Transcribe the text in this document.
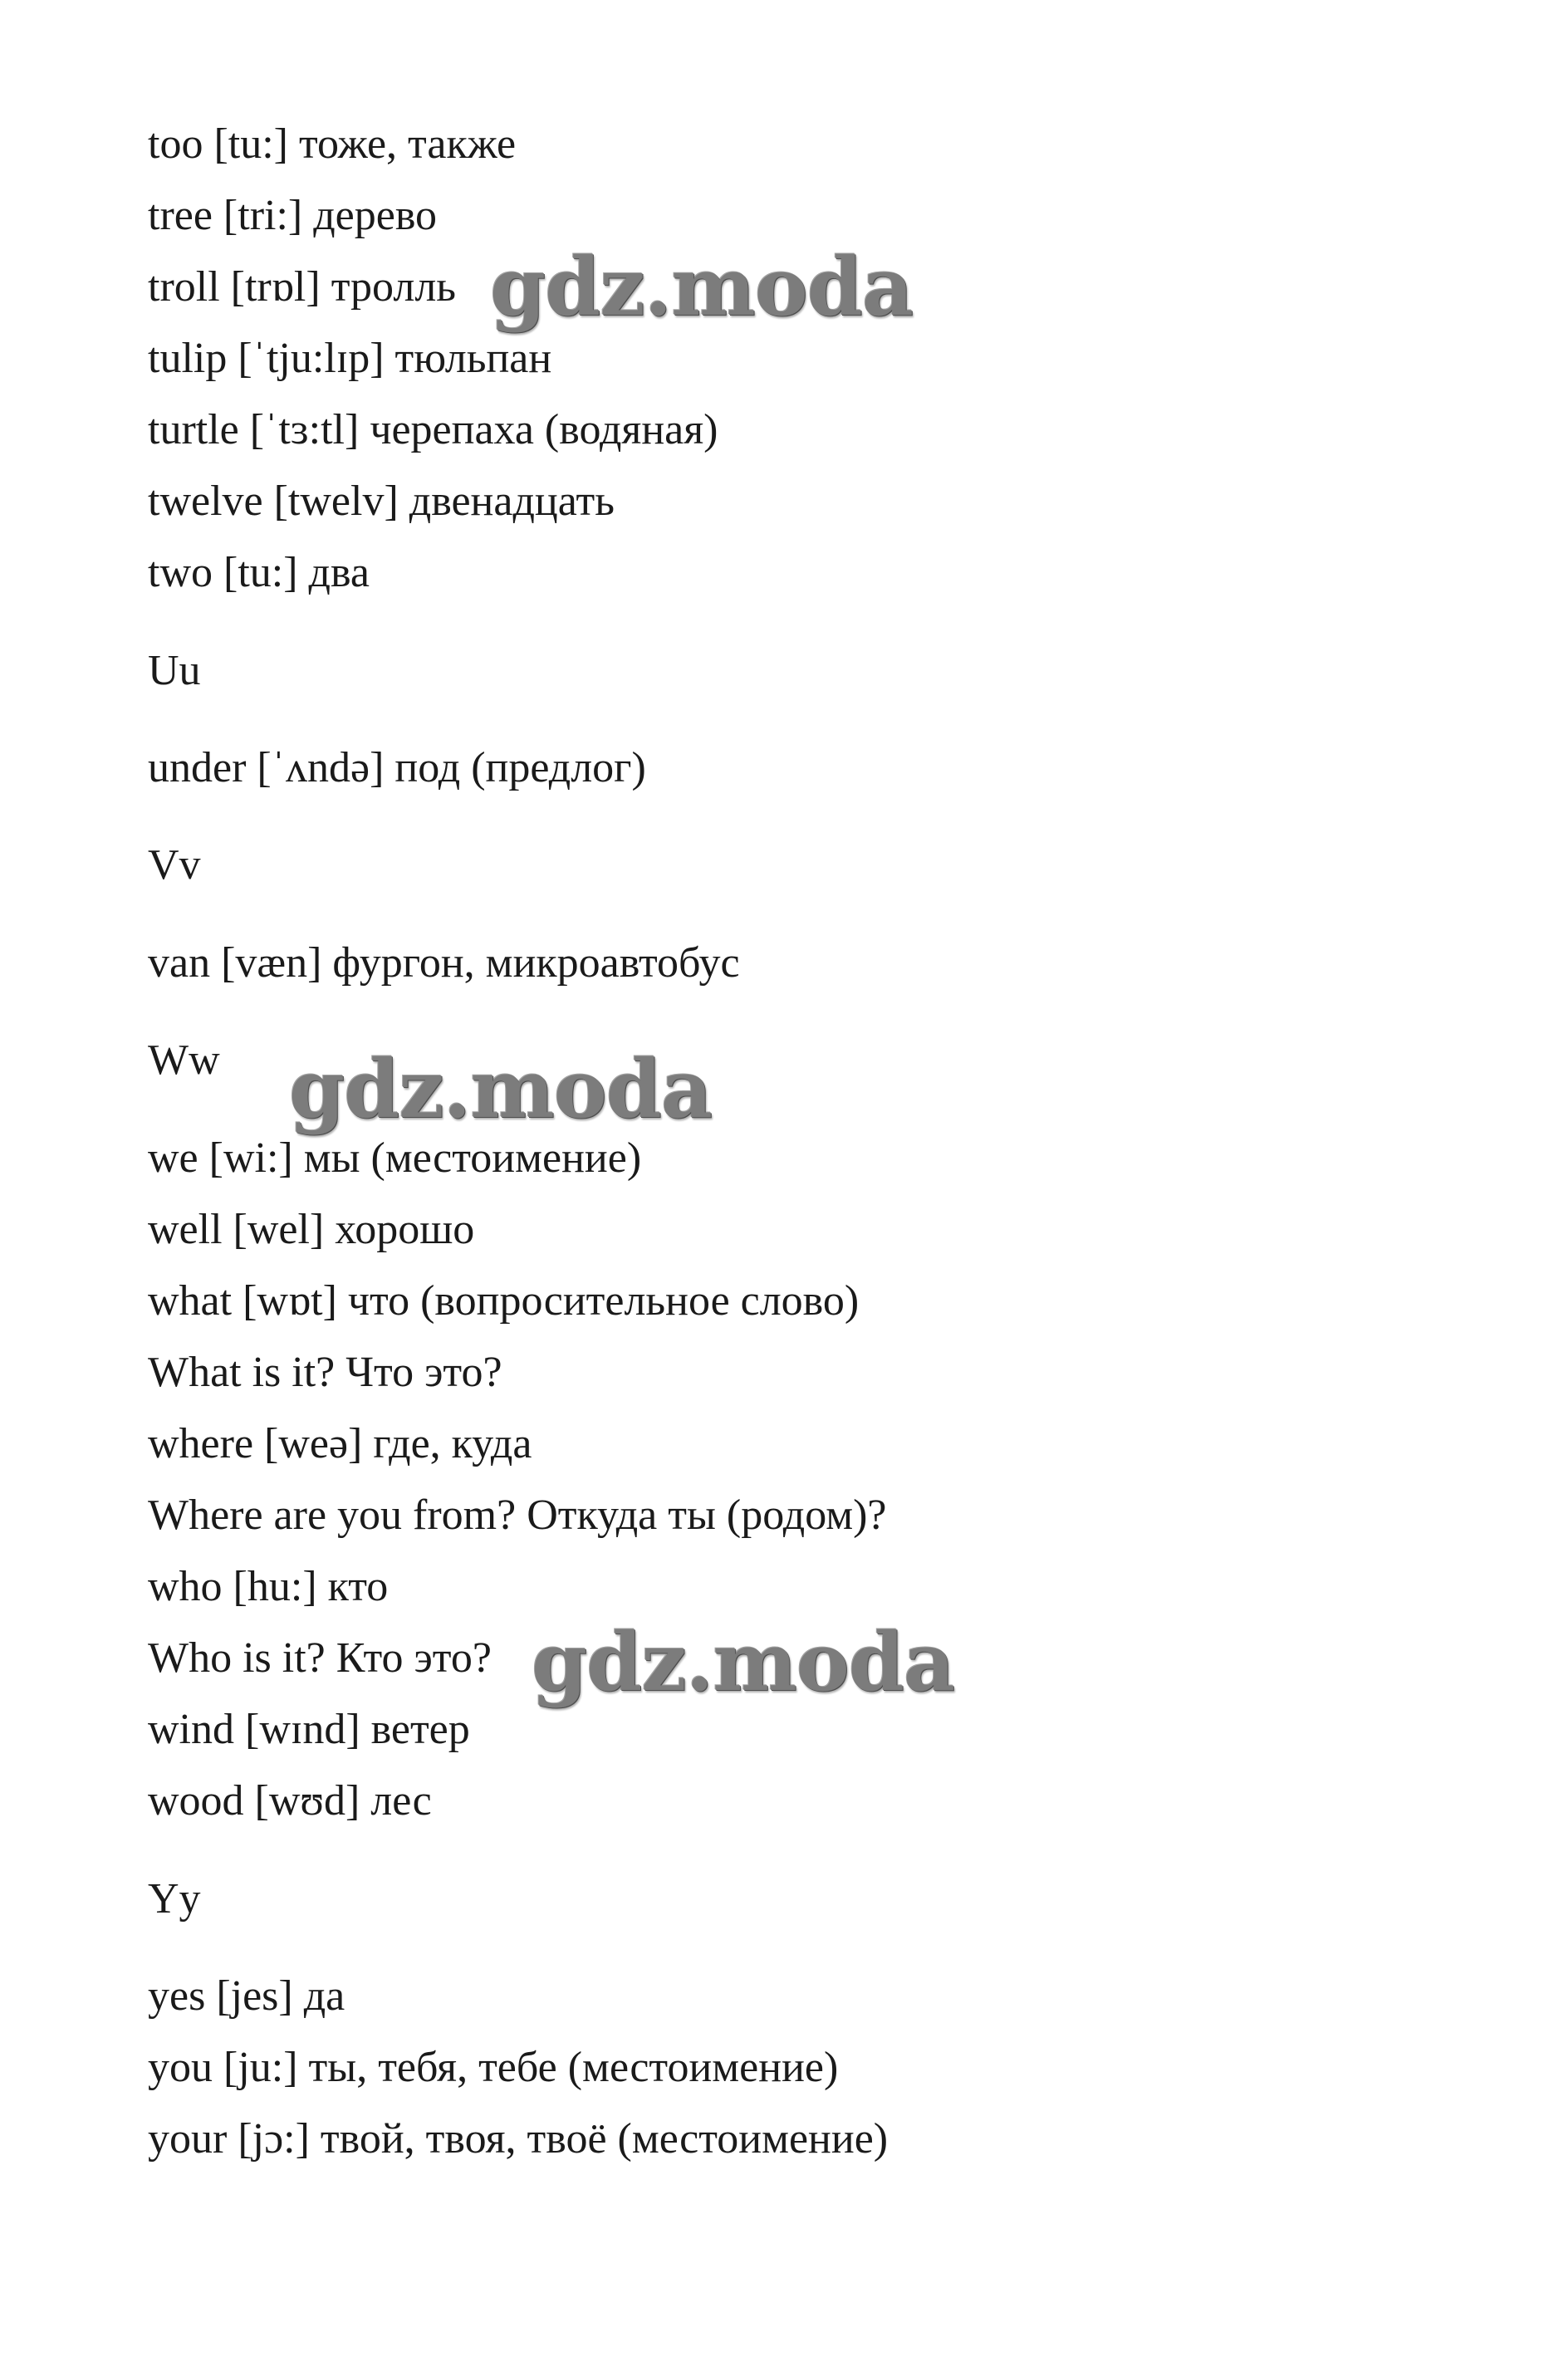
too [tu:] тоже, также
tree [tri:] дерево
troll [trɒl] тролль
tulip [ˈtju:lɪp] тюльпан
turtle [ˈtɜ:tl] черепаха (водяная)
twelve [twelv] двенадцать
two [tu:] два
Uu
under [ˈʌndə] под (предлог)
Vv
van [væn] фургон, микроавтобус
Ww
we [wi:] мы (местоимение)
well [wel] хорошо
what [wɒt] что (вопросительное слово)
What is it? Что это?
where [weə] где, куда
Where are you from? Откуда ты (родом)?
who [hu:] кто
Who is it? Кто это?
wind [wɪnd] ветер
wood [wʊd] лес
Yy
yes [jes] да
you [ju:] ты, тебя, тебе (местоимение)
your [jɔ:] твой, твоя, твоё (местоимение)
gdz.moda
gdz.moda
gdz.moda
